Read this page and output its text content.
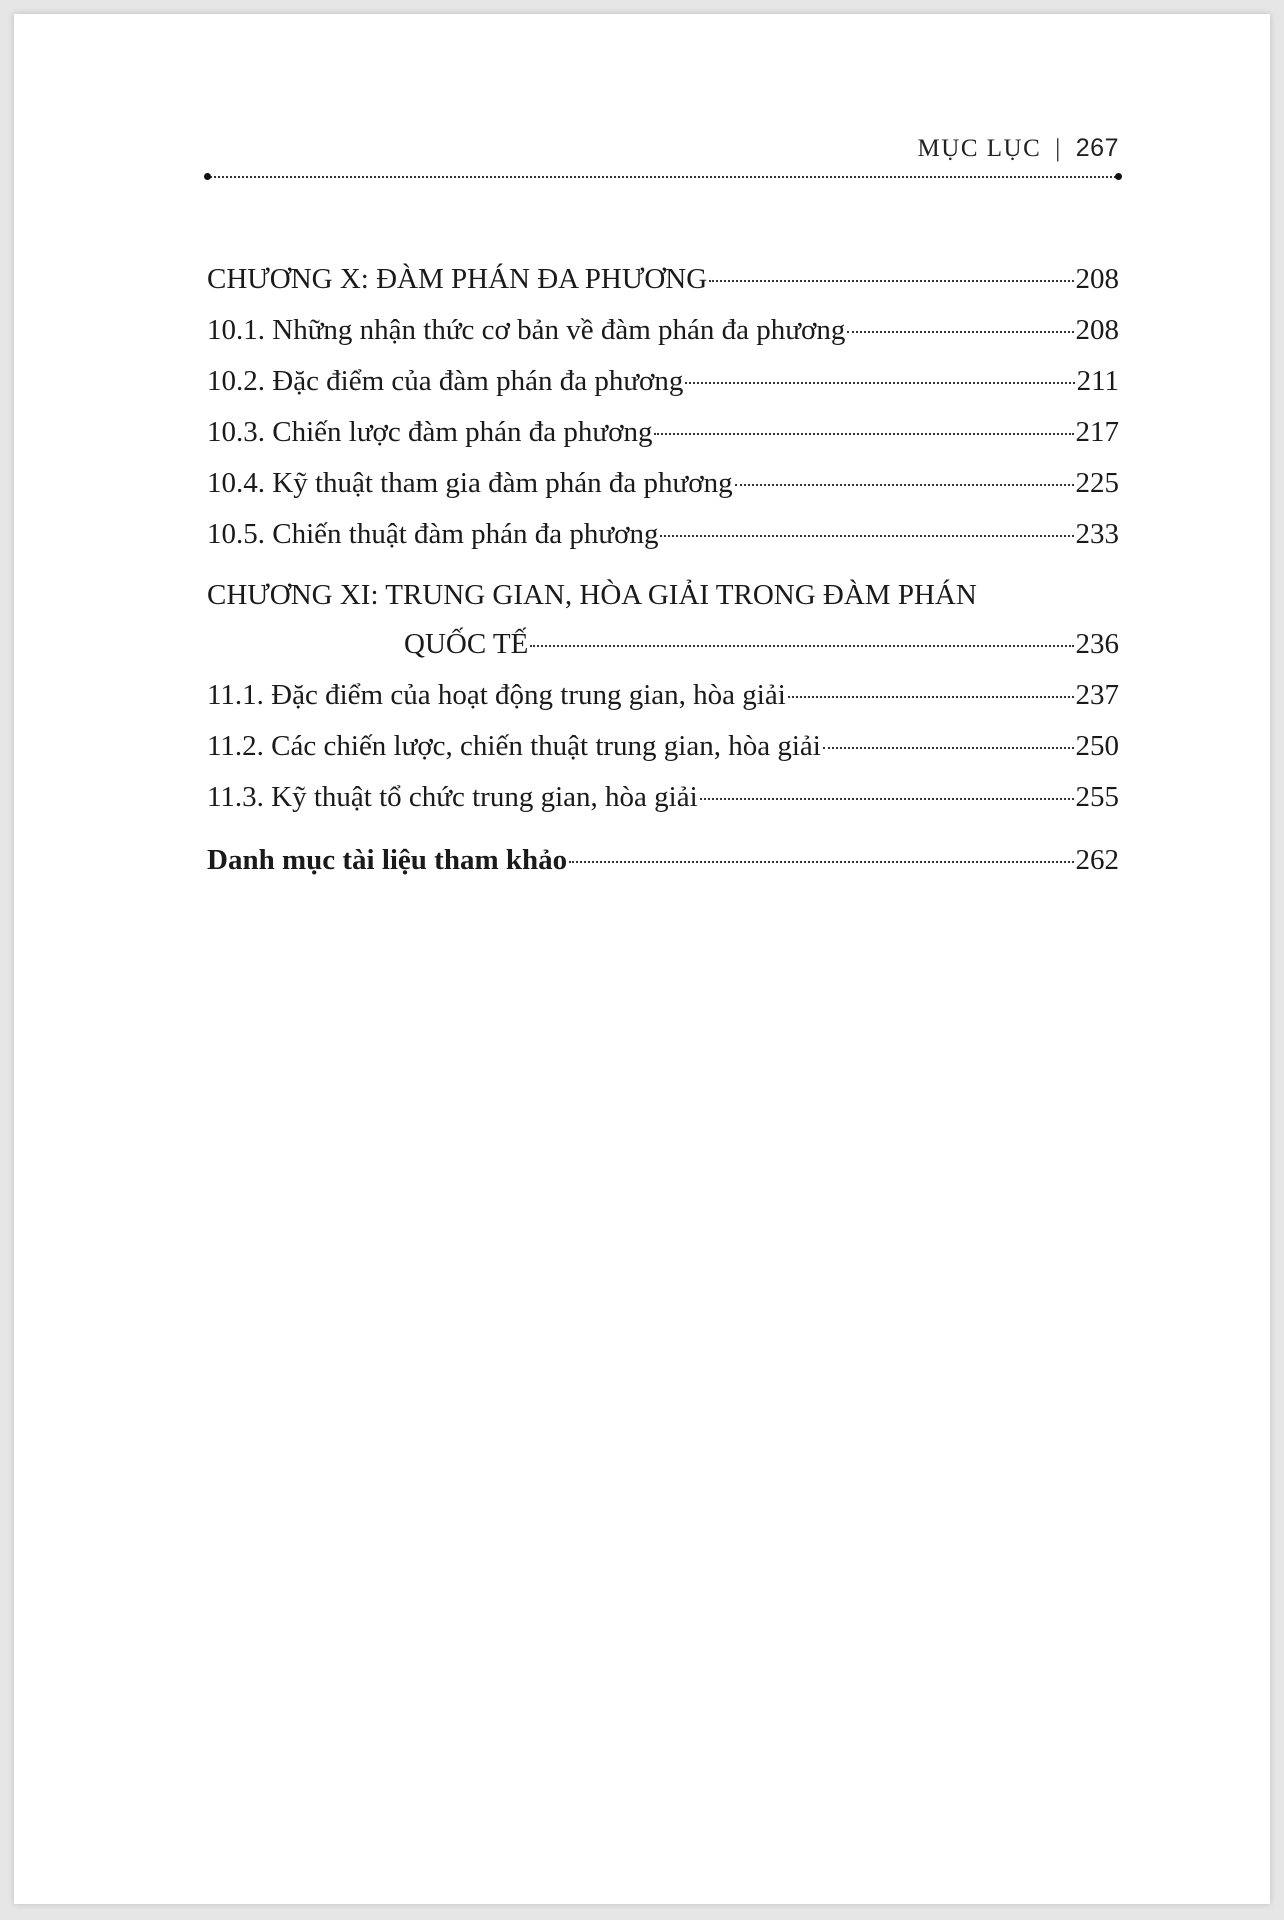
MỤC LỤC | 267
CHƯƠNG X: ĐÀM PHÁN ĐA PHƯƠNG	208
10.1. Những nhận thức cơ bản về đàm phán đa phương	208
10.2. Đặc điểm của đàm phán đa phương	211
10.3. Chiến lược đàm phán đa phương	217
10.4. Kỹ thuật tham gia đàm phán đa phương	225
10.5. Chiến thuật đàm phán đa phương	233
CHƯƠNG XI: TRUNG GIAN, HÒA GIẢI TRONG ĐÀM PHÁN
QUỐC TẾ	236
11.1. Đặc điểm của hoạt động trung gian, hòa giải	237
11.2. Các chiến lược, chiến thuật trung gian, hòa giải	250
11.3. Kỹ thuật tổ chức trung gian, hòa giải	255
Danh mục tài liệu tham khảo	262
